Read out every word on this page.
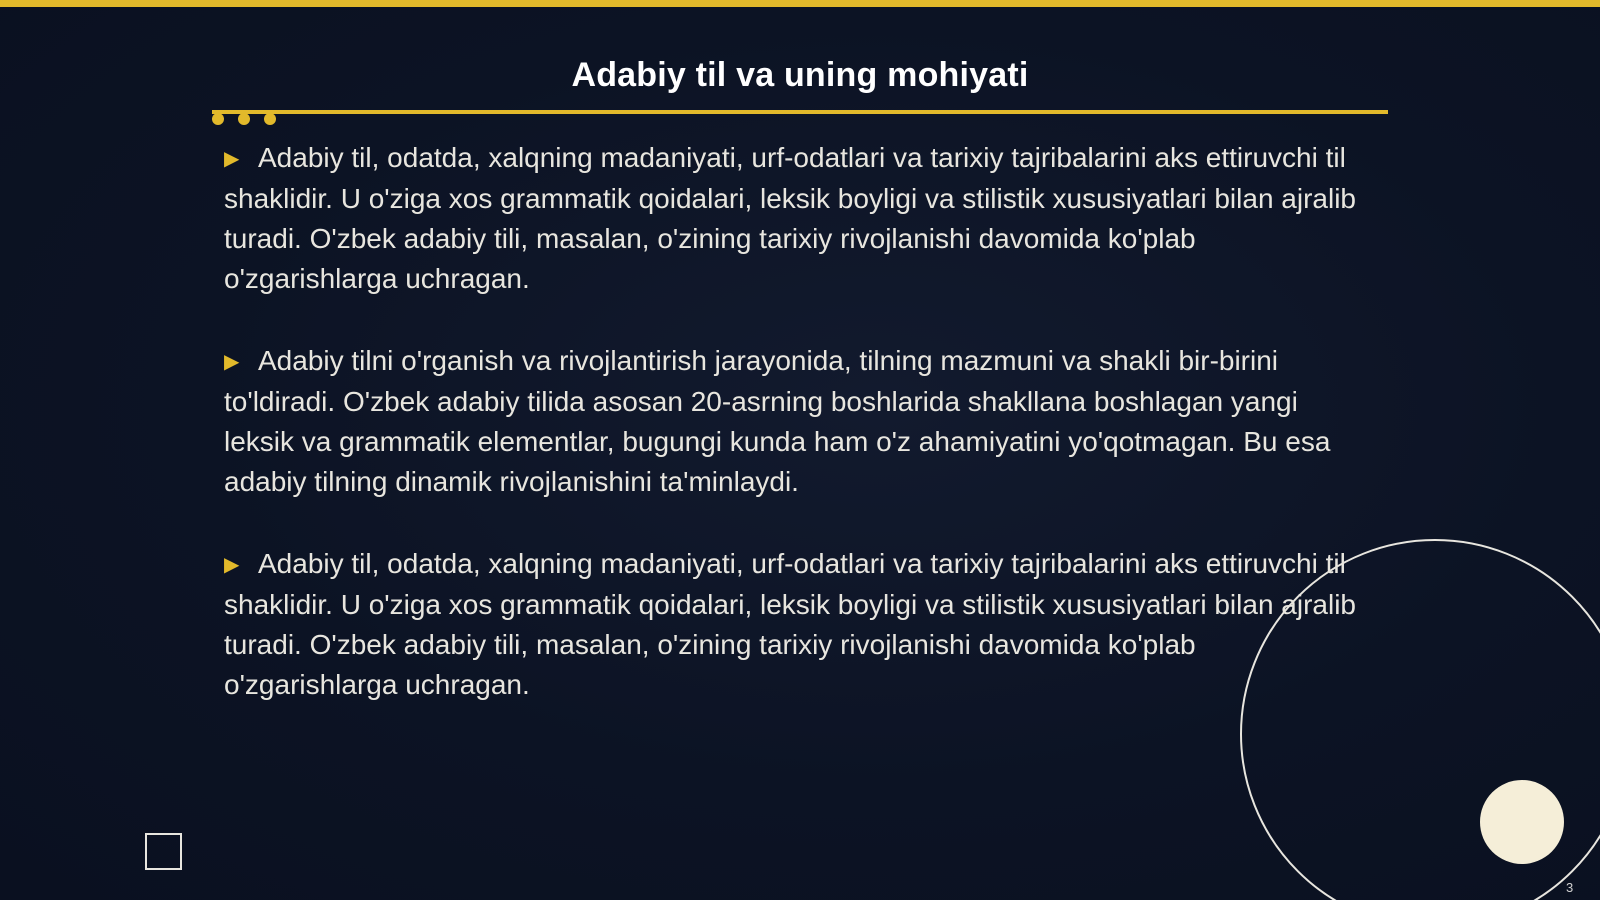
Adabiy til va uning mohiyati

▶ Adabiy til, odatda, xalqning madaniyati, urf-odatlari va tarixiy tajribalarini aks ettiruvchi til shaklidir. U o'ziga xos grammatik qoidalari, leksik boyligi va stilistik xususiyatlari bilan ajralib turadi. O'zbek adabiy tili, masalan, o'zining tarixiy rivojlanishi davomida ko'plab o'zgarishlarga uchragan.

▶ Adabiy tilni o'rganish va rivojlantirish jarayonida, tilning mazmuni va shakli bir-birini to'ldiradi. O'zbek adabiy tilida asosan 20-asrning boshlarida shakllana boshlagan yangi leksik va grammatik elementlar, bugungi kunda ham o'z ahamiyatini yo'qotmagan. Bu esa adabiy tilning dinamik rivojlanishini ta'minlaydi.

▶ Adabiy til, odatda, xalqning madaniyati, urf-odatlari va tarixiy tajribalarini aks ettiruvchi til shaklidir. U o'ziga xos grammatik qoidalari, leksik boyligi va stilistik xususiyatlari bilan ajralib turadi. O'zbek adabiy tili, masalan, o'zining tarixiy rivojlanishi davomida ko'plab o'zgarishlarga uchragan.

3
